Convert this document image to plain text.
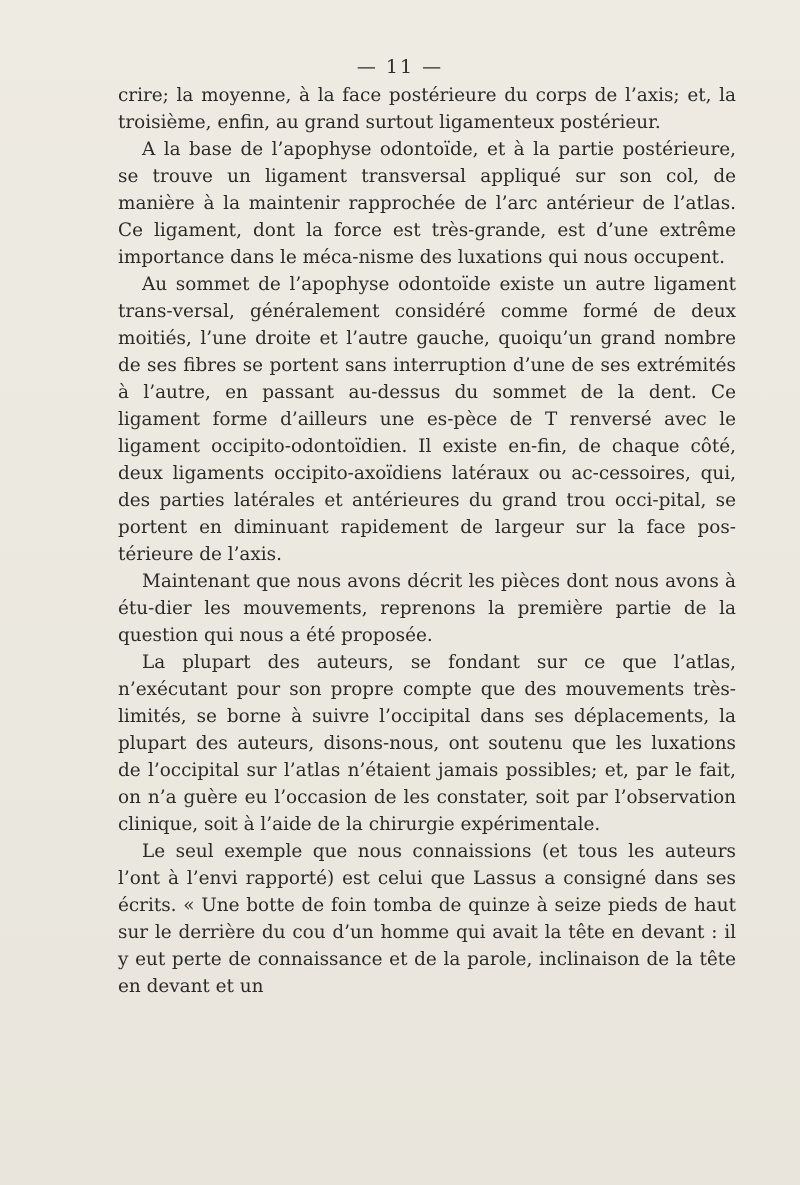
— 11 —

crire; la moyenne, à la face postérieure du corps de l’axis; et, la troisième, enfin, au grand surtout ligamenteux postérieur.

A la base de l’apophyse odontoïde, et à la partie postérieure, se trouve un ligament transversal appliqué sur son col, de manière à la maintenir rapprochée de l’arc antérieur de l’atlas. Ce ligament, dont la force est très-grande, est d’une extrême importance dans le méca-nisme des luxations qui nous occupent.

Au sommet de l’apophyse odontoïde existe un autre ligament trans-versal, généralement considéré comme formé de deux moitiés, l’une droite et l’autre gauche, quoiqu’un grand nombre de ses fibres se portent sans interruption d’une de ses extrémités à l’autre, en passant au-dessus du sommet de la dent. Ce ligament forme d’ailleurs une es-pèce de T renversé avec le ligament occipito-odontoïdien. Il existe en-fin, de chaque côté, deux ligaments occipito-axoïdiens latéraux ou ac-cessoires, qui, des parties latérales et antérieures du grand trou occi-pital, se portent en diminuant rapidement de largeur sur la face pos-térieure de l’axis.

Maintenant que nous avons décrit les pièces dont nous avons à étu-dier les mouvements, reprenons la première partie de la question qui nous a été proposée.

La plupart des auteurs, se fondant sur ce que l’atlas, n’exécutant pour son propre compte que des mouvements très-limités, se borne à suivre l’occipital dans ses déplacements, la plupart des auteurs, disons-nous, ont soutenu que les luxations de l’occipital sur l’atlas n’étaient jamais possibles; et, par le fait, on n’a guère eu l’occasion de les constater, soit par l’observation clinique, soit à l’aide de la chirurgie expérimentale.

Le seul exemple que nous connaissions (et tous les auteurs l’ont à l’envi rapporté) est celui que Lassus a consigné dans ses écrits. « Une botte de foin tomba de quinze à seize pieds de haut sur le derrière du cou d’un homme qui avait la tête en devant : il y eut perte de connaissance et de la parole, inclinaison de la tête en devant et un
